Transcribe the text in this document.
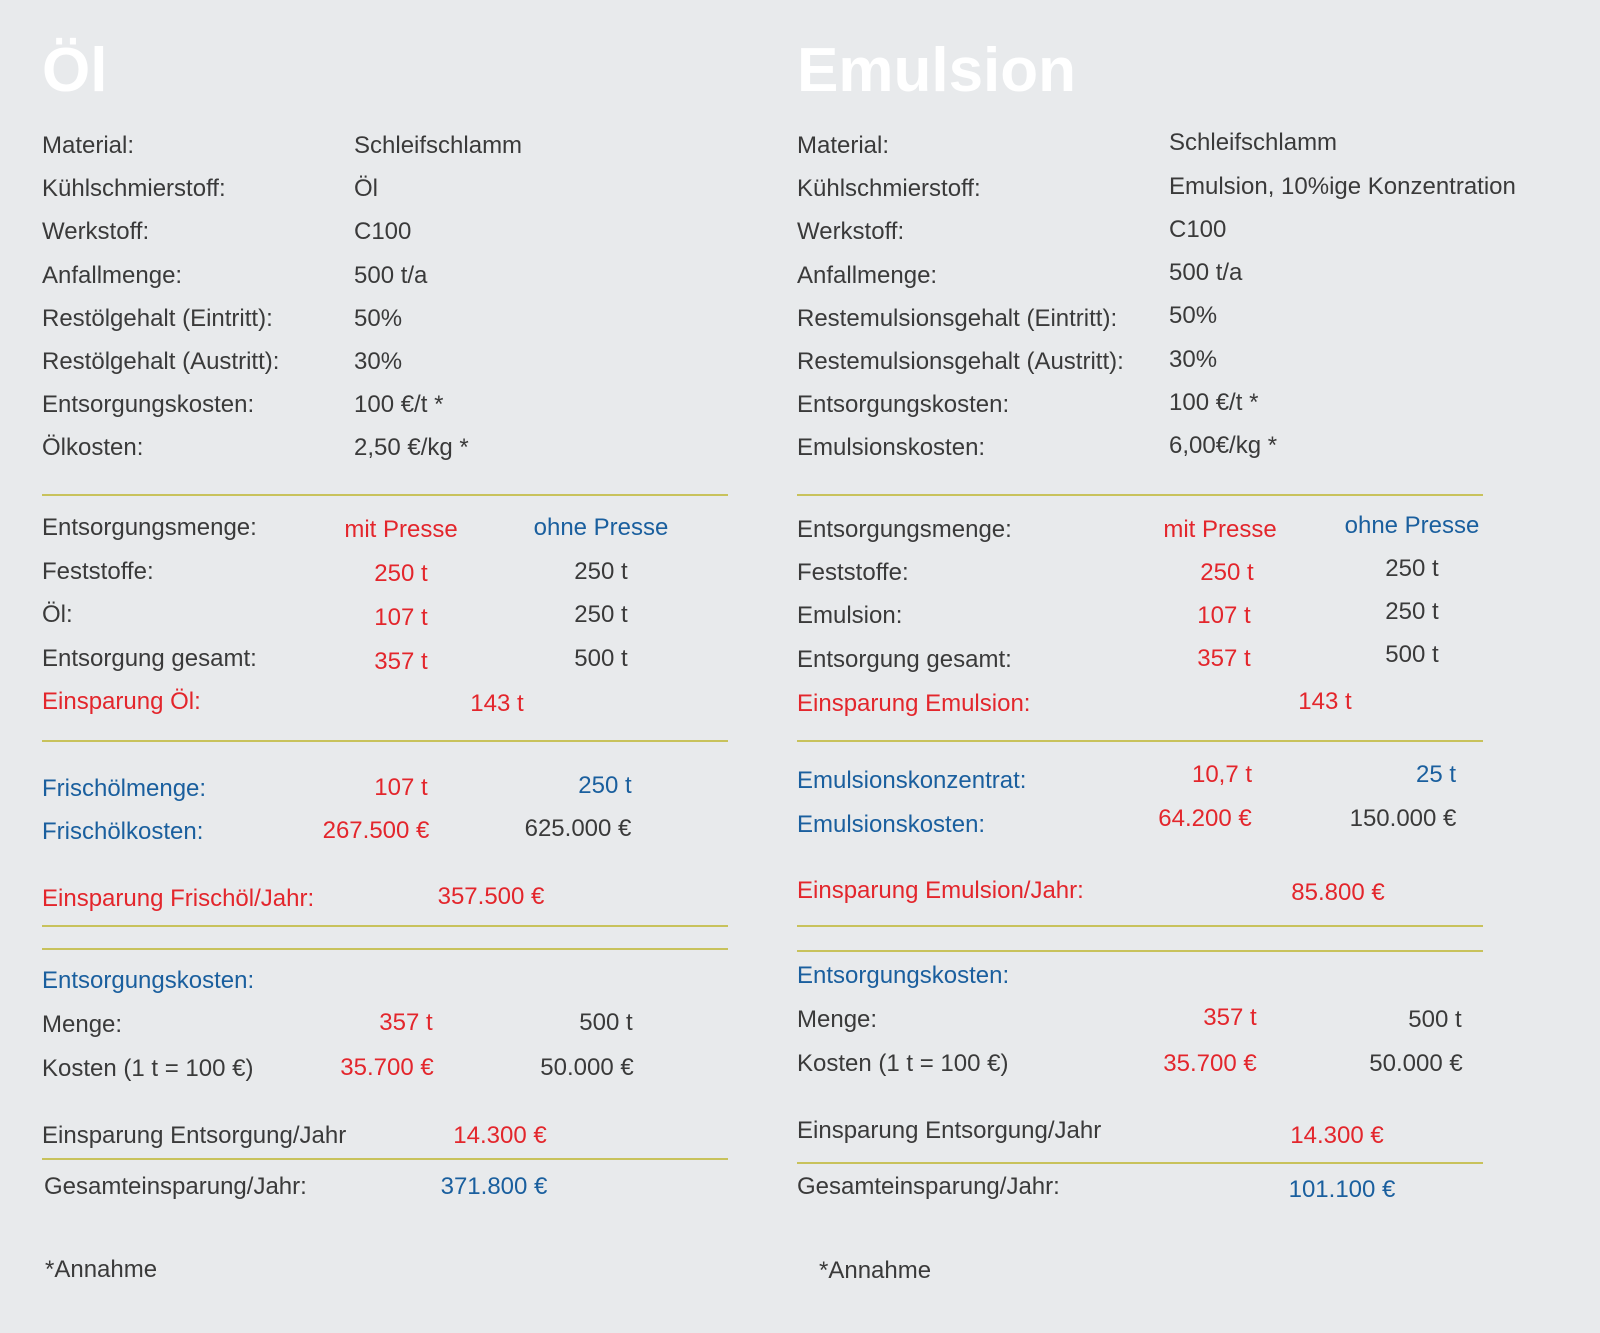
Öl
Material:	Schleifschlamm
Kühlschmierstoff:	Öl
Werkstoff:	C100
Anfallmenge:	500 t/a
Restölgehalt (Eintritt):	50%
Restölgehalt (Austritt):	30%
Entsorgungskosten:	100 €/t *
Ölkosten:	2,50 €/kg *
Entsorgungsmenge:	mit Presse	ohne Presse
Feststoffe:	250 t	250 t
Öl:	107 t	250 t
Entsorgung gesamt:	357 t	500 t
Einsparung Öl:	143 t
Frischölmenge:	107 t	250 t
Frischölkosten:	267.500 €	625.000 €
Einsparung Frischöl/Jahr:	357.500 €
Entsorgungskosten:
Menge:	357 t	500 t
Kosten (1 t = 100 €)	35.700 €	50.000 €
Einsparung Entsorgung/Jahr	14.300 €
Gesamteinsparung/Jahr:	371.800 €
*Annahme
Emulsion
Material:	Schleifschlamm
Kühlschmierstoff:	Emulsion, 10%ige Konzentration
Werkstoff:	C100
Anfallmenge:	500 t/a
Restemulsionsgehalt (Eintritt): 50%
Restemulsionsgehalt (Austritt): 30%
Entsorgungskosten:	100 €/t *
Emulsionskosten:	6,00€/kg *
Entsorgungsmenge:	mit Presse	ohne Presse
Feststoffe:	250 t	250 t
Emulsion:	107 t	250 t
Entsorgung gesamt:	357 t	500 t
Einsparung Emulsion:	143 t
Emulsionskonzentrat:	10,7 t	25 t
Emulsionskosten:	64.200 €	150.000 €
Einsparung Emulsion/Jahr:	85.800 €
Entsorgungskosten:
Menge:	357 t	500 t
Kosten (1 t = 100 €)	35.700 €	50.000 €
Einsparung Entsorgung/Jahr	14.300 €
Gesamteinsparung/Jahr:	101.100 €
*Annahme
